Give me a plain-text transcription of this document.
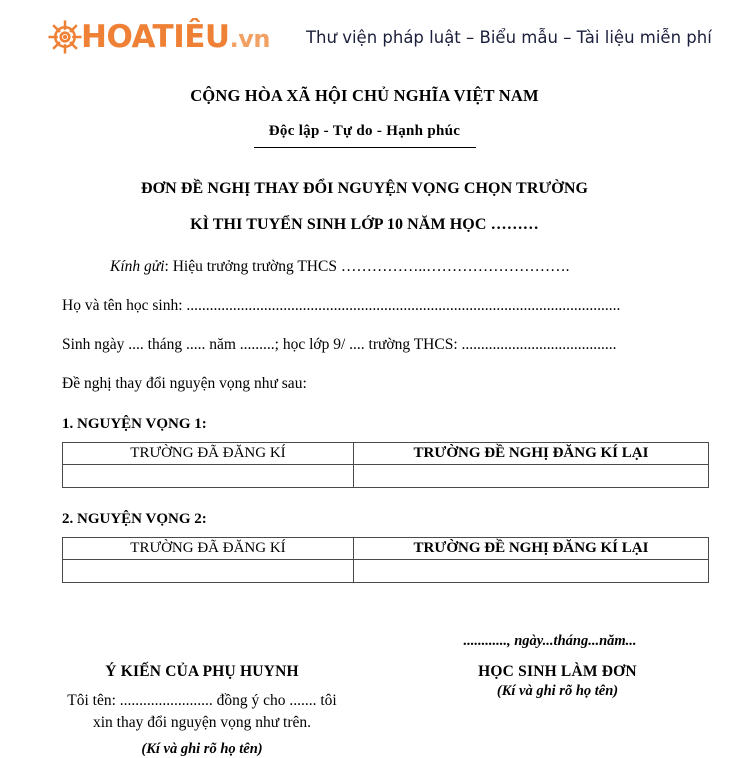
HOATIÊU.vn Thư viện pháp luật – Biểu mẫu – Tài liệu miễn phí
CỘNG HÒA XÃ HỘI CHỦ NGHĨA VIỆT NAM
Độc lập - Tự do - Hạnh phúc
ĐƠN ĐỀ NGHỊ THAY ĐỔI NGUYỆN VỌNG CHỌN TRƯỜNG
KÌ THI TUYỂN SINH LỚP 10 NĂM HỌC ………
Kính gửi: Hiệu trưởng trường THCS ……………..……………………….
Họ và tên học sinh: ................................................................................................................
Sinh ngày .... tháng ..... năm .........; học lớp 9/ .... trường THCS: ........................................
Đề nghị thay đổi nguyện vọng như sau:
1. NGUYỆN VỌNG 1:
TRƯỜNG ĐÃ ĐĂNG KÍ	TRƯỜNG ĐỀ NGHỊ ĐĂNG KÍ LẠI

2. NGUYỆN VỌNG 2:
TRƯỜNG ĐÃ ĐĂNG KÍ	TRƯỜNG ĐỀ NGHỊ ĐĂNG KÍ LẠI

............, ngày...tháng...năm...
Ý KIẾN CỦA PHỤ HUYNH
Tôi tên: ........................ đồng ý cho ....... tôi
xin thay đổi nguyện vọng như trên.
(Kí và ghi rõ họ tên)
HỌC SINH LÀM ĐƠN
(Kí và ghi rõ họ tên)
